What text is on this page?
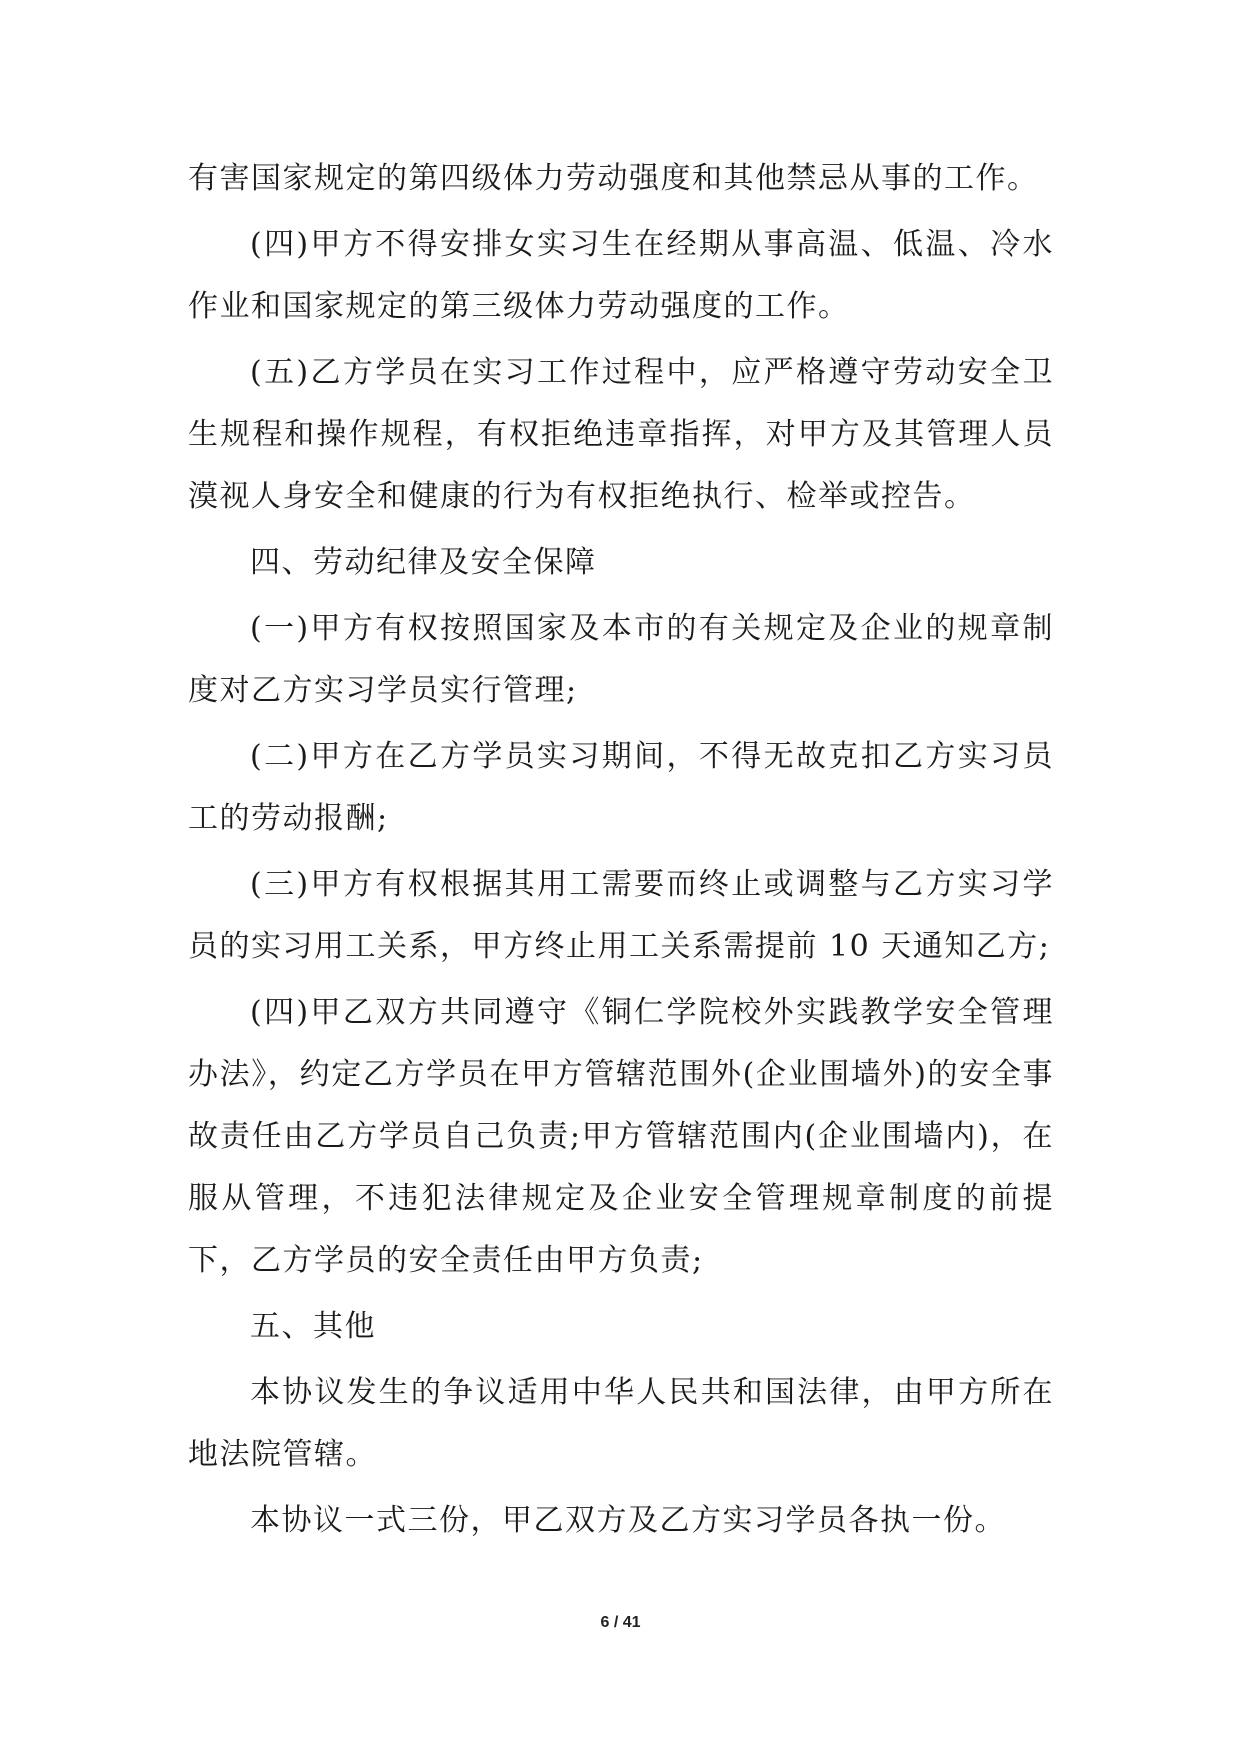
有害国家规定的第四级体力劳动强度和其他禁忌从事的工作。

(四)甲方不得安排女实习生在经期从事高温、低温、冷水作业和国家规定的第三级体力劳动强度的工作。

(五)乙方学员在实习工作过程中，应严格遵守劳动安全卫生规程和操作规程，有权拒绝违章指挥，对甲方及其管理人员漠视人身安全和健康的行为有权拒绝执行、检举或控告。

四、劳动纪律及安全保障

(一)甲方有权按照国家及本市的有关规定及企业的规章制度对乙方实习学员实行管理;

(二)甲方在乙方学员实习期间，不得无故克扣乙方实习员工的劳动报酬;

(三)甲方有权根据其用工需要而终止或调整与乙方实习学员的实习用工关系，甲方终止用工关系需提前 10 天通知乙方;

(四)甲乙双方共同遵守《铜仁学院校外实践教学安全管理办法》，约定乙方学员在甲方管辖范围外(企业围墙外)的安全事故责任由乙方学员自己负责;甲方管辖范围内(企业围墙内)，在服从管理，不违犯法律规定及企业安全管理规章制度的前提下，乙方学员的安全责任由甲方负责;

五、其他

本协议发生的争议适用中华人民共和国法律，由甲方所在地法院管辖。

本协议一式三份，甲乙双方及乙方实习学员各执一份。

6 / 41
